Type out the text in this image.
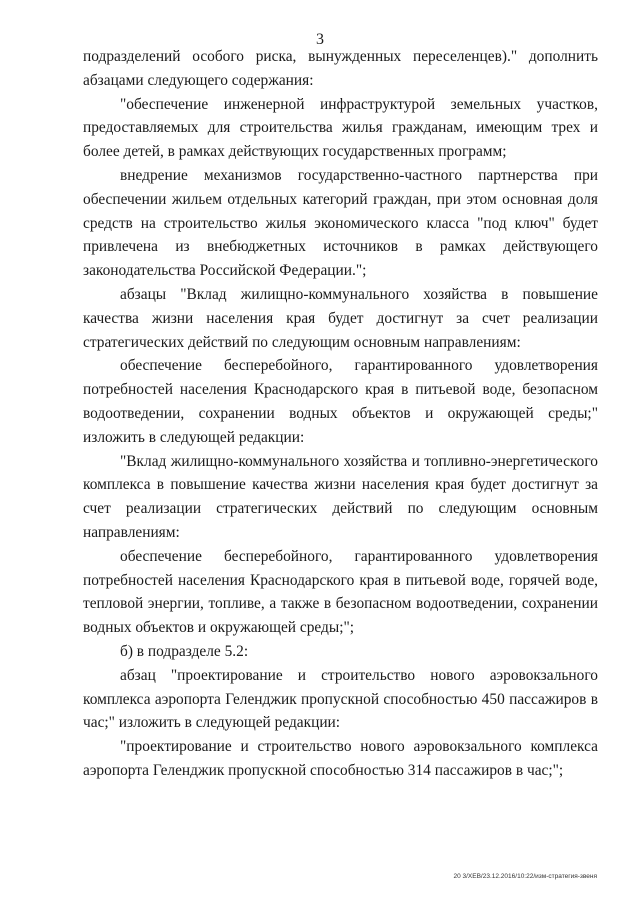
3

подразделений особого риска, вынужденных переселенцев)." дополнить абзацами следующего содержания:

"обеспечение инженерной инфраструктурой земельных участков, предоставляемых для строительства жилья гражданам, имеющим трех и более детей, в рамках действующих государственных программ;

внедрение механизмов государственно-частного партнерства при обеспечении жильем отдельных категорий граждан, при этом основная доля средств на строительство жилья экономического класса "под ключ" будет привлечена из внебюджетных источников в рамках действующего законодательства Российской Федерации.";

абзацы "Вклад жилищно-коммунального хозяйства в повышение качества жизни населения края будет достигнут за счет реализации стратегических действий по следующим основным направлениям:

обеспечение бесперебойного, гарантированного удовлетворения потребностей населения Краснодарского края в питьевой воде, безопасном водоотведении, сохранении водных объектов и окружающей среды;" изложить в следующей редакции:

"Вклад жилищно-коммунального хозяйства и топливно-энергетического комплекса в повышение качества жизни населения края будет достигнут за счет реализации стратегических действий по следующим основным направлениям:

обеспечение бесперебойного, гарантированного удовлетворения потребностей населения Краснодарского края в питьевой воде, горячей воде, тепловой энергии, топливе, а также в безопасном водоотведении, сохранении водных объектов и окружающей среды;";

б) в подразделе 5.2:

абзац "проектирование и строительство нового аэровокзального комплекса аэропорта Геленджик пропускной способностью 450 пассажиров в час;" изложить в следующей редакции:

"проектирование и строительство нового аэровокзального комплекса аэропорта Геленджик пропускной способностью 314 пассажиров в час;";

20 3/ХЕВ/23.12.2016/10:22/изм-стратегия-звеня
